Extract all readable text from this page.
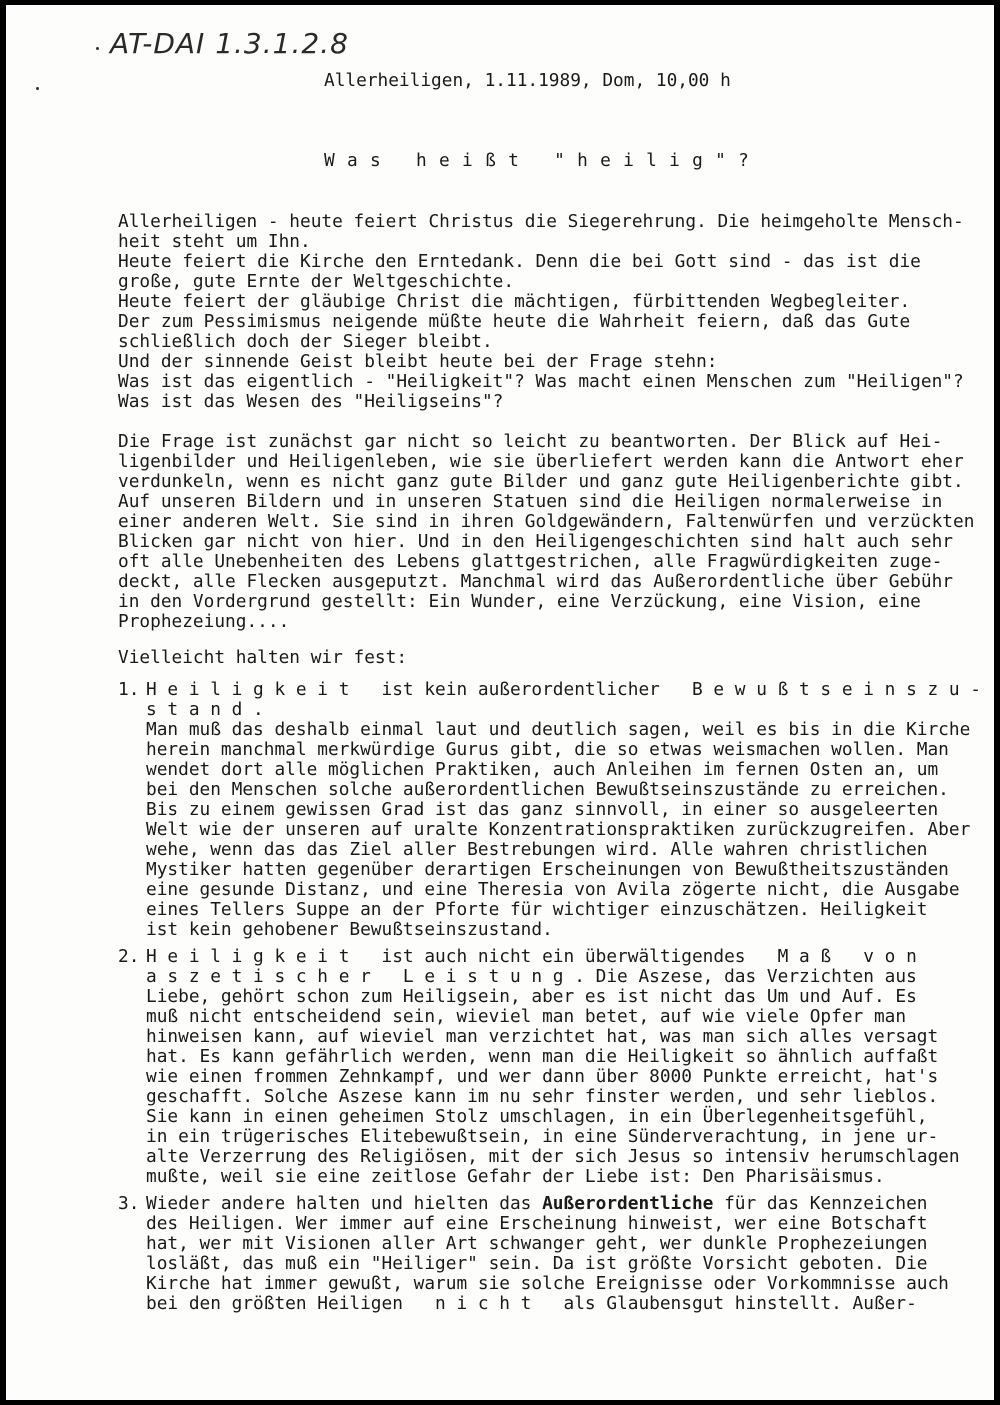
AT-DAI 1.3.1.2.8
Allerheiligen, 1.11.1989, Dom, 10,00 h
W a s   h e i ß t   " h e i l i g " ?
Allerheiligen - heute feiert Christus die Siegerehrung. Die heimgeholte Mensch-
heit steht um Ihn.
Heute feiert die Kirche den Erntedank. Denn die bei Gott sind - das ist die
große, gute Ernte der Weltgeschichte.
Heute feiert der gläubige Christ die mächtigen, fürbittenden Wegbegleiter.
Der zum Pessimismus neigende müßte heute die Wahrheit feiern, daß das Gute
schließlich doch der Sieger bleibt.
Und der sinnende Geist bleibt heute bei der Frage stehn:
Was ist das eigentlich - "Heiligkeit"? Was macht einen Menschen zum "Heiligen"?
Was ist das Wesen des "Heiligseins"?
Die Frage ist zunächst gar nicht so leicht zu beantworten. Der Blick auf Hei-
ligenbilder und Heiligenleben, wie sie überliefert werden kann die Antwort eher
verdunkeln, wenn es nicht ganz gute Bilder und ganz gute Heiligenberichte gibt.
Auf unseren Bildern und in unseren Statuen sind die Heiligen normalerweise in
einer anderen Welt. Sie sind in ihren Goldgewändern, Faltenwürfen und verzückten
Blicken gar nicht von hier. Und in den Heiligengeschichten sind halt auch sehr
oft alle Unebenheiten des Lebens glattgestrichen, alle Fragwürdigkeiten zuge-
deckt, alle Flecken ausgeputzt. Manchmal wird das Außerordentliche über Gebühr
in den Vordergrund gestellt: Ein Wunder, eine Verzückung, eine Vision, eine
Prophezeiung....
Vielleicht halten wir fest:
1. H e i l i g k e i t   ist kein außerordentlicher   B e w u ß t s e i n s z u -
s t a n d .
Man muß das deshalb einmal laut und deutlich sagen, weil es bis in die Kirche
herein manchmal merkwürdige Gurus gibt, die so etwas weismachen wollen. Man
wendet dort alle möglichen Praktiken, auch Anleihen im fernen Osten an, um
bei den Menschen solche außerordentlichen Bewußtseinszustände zu erreichen.
Bis zu einem gewissen Grad ist das ganz sinnvoll, in einer so ausgeleerten
Welt wie der unseren auf uralte Konzentrationspraktiken zurückzugreifen. Aber
wehe, wenn das das Ziel aller Bestrebungen wird. Alle wahren christlichen
Mystiker hatten gegenüber derartigen Erscheinungen von Bewußtheitszuständen
eine gesunde Distanz, und eine Theresia von Avila zögerte nicht, die Ausgabe
eines Tellers Suppe an der Pforte für wichtiger einzuschätzen. Heiligkeit
ist kein gehobener Bewußtseinszustand.
2. H e i l i g k e i t   ist auch nicht ein überwältigendes   M a ß   v o n
a s z e t i s c h e r   L e i s t u n g . Die Aszese, das Verzichten aus
Liebe, gehört schon zum Heiligsein, aber es ist nicht das Um und Auf. Es
muß nicht entscheidend sein, wieviel man betet, auf wie viele Opfer man
hinweisen kann, auf wieviel man verzichtet hat, was man sich alles versagt
hat. Es kann gefährlich werden, wenn man die Heiligkeit so ähnlich auffaßt
wie einen frommen Zehnkampf, und wer dann über 8000 Punkte erreicht, hat's
geschafft. Solche Aszese kann im nu sehr finster werden, und sehr lieblos.
Sie kann in einen geheimen Stolz umschlagen, in ein Überlegenheitsgefühl,
in ein trügerisches Elitebewußtsein, in eine Sünderverachtung, in jene ur-
alte Verzerrung des Religiösen, mit der sich Jesus so intensiv herumschlagen
mußte, weil sie eine zeitlose Gefahr der Liebe ist: Den Pharisäismus.
3. Wieder andere halten und hielten das Außerordentliche für das Kennzeichen
des Heiligen. Wer immer auf eine Erscheinung hinweist, wer eine Botschaft
hat, wer mit Visionen aller Art schwanger geht, wer dunkle Prophezeiungen
losläßt, das muß ein "Heiliger" sein. Da ist größte Vorsicht geboten. Die
Kirche hat immer gewußt, warum sie solche Ereignisse oder Vorkommnisse auch
bei den größten Heiligen   n i c h t   als Glaubensgut hinstellt. Außer-
